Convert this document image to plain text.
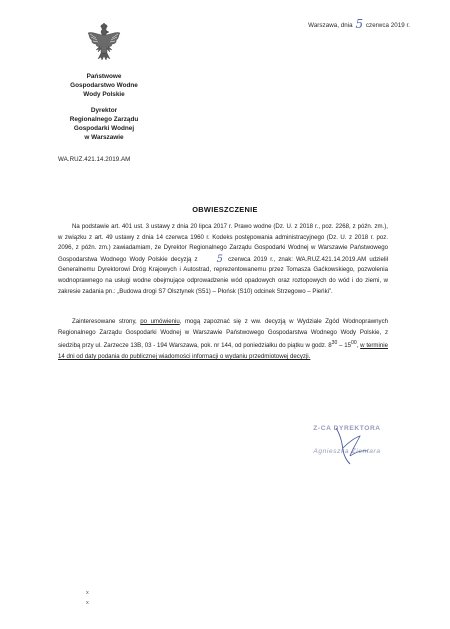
Warszawa, dnia 5 czerwca 2019 r.
Państwowe
Gospodarstwo Wodne
Wody Polskie
Dyrektor
Regionalnego Zarządu
Gospodarki Wodnej
w Warszawie
WA.RUZ.421.14.2019.AM
OBWIESZCZENIE

Na podstawie art. 401 ust. 3 ustawy z dnia 20 lipca 2017 r. Prawo wodne (Dz. U. z 2018 r., poz. 2268, z późn. zm.), w związku z art. 49 ustawy z dnia 14 czerwca 1960 r. Kodeks postępowania administracyjnego (Dz. U. z 2018 r. poz. 2096, z późn. zm.) zawiadamiam, że Dyrektor Regionalnego Zarządu Gospodarki Wodnej w Warszawie Państwowego Gospodarstwa Wodnego Wody Polskie decyzją z 5 czerwca 2019 r., znak: WA.RUZ.421.14.2019.AM udzielił Generalnemu Dyrektorowi Dróg Krajowych i Autostrad, reprezentowanemu przez Tomasza Gaćkowskiego, pozwolenia wodnoprawnego na usługi wodne obejmujące odprowadzenie wód opadowych oraz roztopowych do wód i do ziemi, w zakresie zadania pn.: „Budowa drogi S7 Olsztynek (S51) – Płońsk (S10) odcinek Strzegowo – Pieńki”.

Zainteresowane strony, po umówieniu, mogą zapoznać się z ww. decyzją w Wydziale Zgód Wodnoprawnych Regionalnego Zarządu Gospodarki Wodnej w Warszawie Państwowego Gospodarstwa Wodnego Wody Polskie, z siedzibą przy ul. Zarzecze 13B, 03 - 194 Warszawa, pok. nr 144, od poniedziałku do piątku w godz. $8^{30} - 15^{00}$, w terminie 14 dni od daty podania do publicznej wiadomości informacji o wydaniu przedmiotowej decyzji.

Z-CA DYREKTORA
Agnieszka Zientara
x
x
